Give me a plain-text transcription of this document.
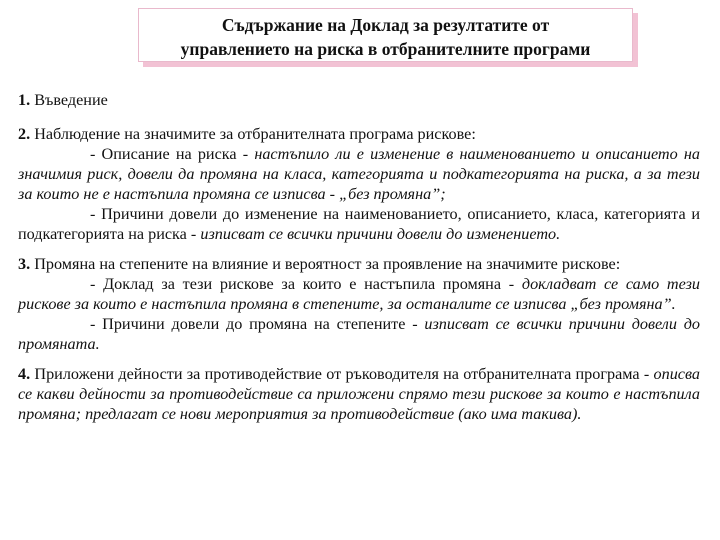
Съдържание на Доклад за резултатите от
управлението на риска в отбранителните програми

1. Въведение

2. Наблюдение на значимите за отбранителната програма рискове:

- Описание на риска - настъпило ли е изменение в наименованието и описанието на значимия риск, довели да промяна на класа, категорията и подкатегорията на риска, а за тези за които не е настъпила промяна се изписва - „без промяна”;

- Причини довели до изменение на наименованието, описанието, класа, категорията и подкатегорията на риска - изписват се всички причини довели до изменението.

3. Промяна на степените на влияние и вероятност за проявление на значимите рискове:

- Доклад за тези рискове за които е настъпила промяна - докладват се само тези рискове за които е настъпила промяна в степените, за останалите се изписва „без промяна”.

- Причини довели до промяна на степените - изписват се всички причини довели до промяната.

4. Приложени дейности за противодействие от ръководителя на отбранителната програма - описва се какви дейности за противодействие са приложени спрямо тези рискове за които е настъпила промяна; предлагат се нови мероприятия за противодействие (ако има такива).
